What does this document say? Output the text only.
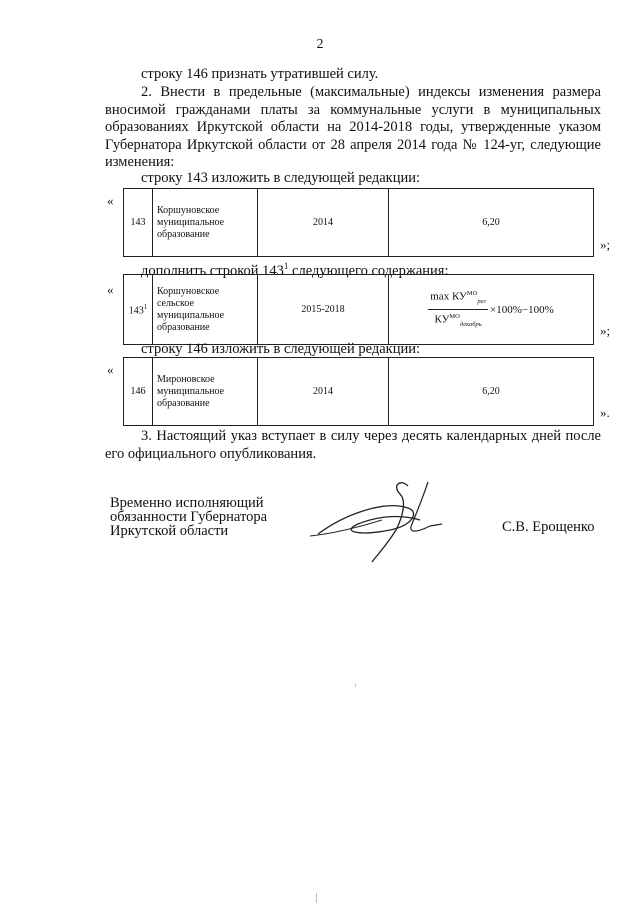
2
строку 146 признать утратившей силу.
2. Внести в предельные (максимальные) индексы изменения размера вносимой гражданами платы за коммунальные услуги в муниципальных образованиях Иркутской области на 2014-2018 годы, утвержденные указом Губернатора Иркутской области от 28 апреля 2014 года № 124-уг, следующие изменения:
строку 143 изложить в следующей редакции:
«
143	Коршуновское муниципальное образование	2014	6,20
»;
дополнить строкой $143^1$ следующего содержания:
«
$143^1$	Коршуновское сельское муниципальное образование	2015-2018	$\frac{\max КУ^{МО}_{рег}}{КУ^{МО}_{декабрь}} \times 100\%-100\%$
»;
строку 146 изложить в следующей редакции:
«
146	Мироновское муниципальное образование	2014	6,20
».
3. Настоящий указ вступает в силу через десять календарных дней после его официального опубликования.
Временно исполняющий
обязанности Губернатора
Иркутской области	С.В. Ерощенко
